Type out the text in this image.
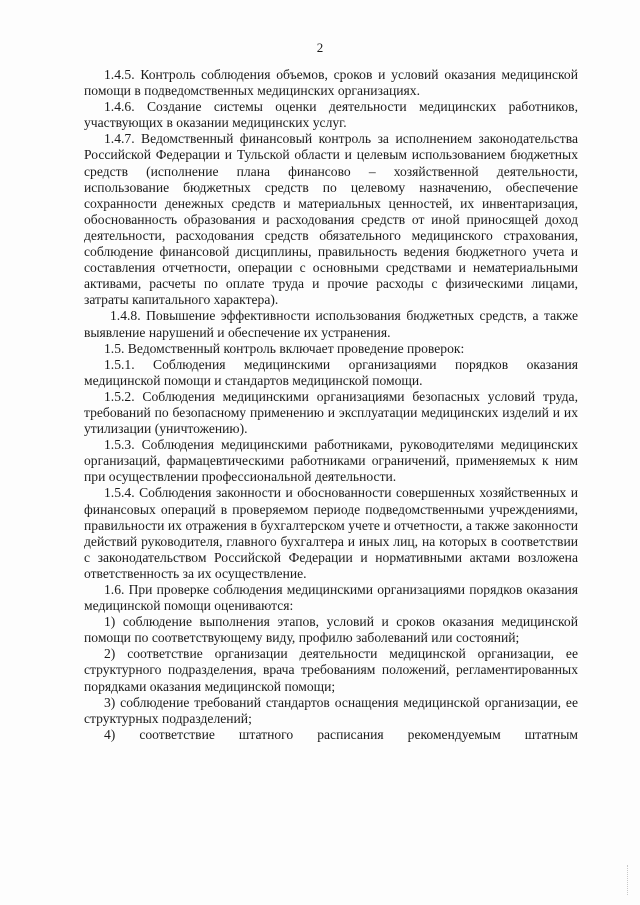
2

1.4.5. Контроль соблюдения объемов, сроков и условий оказания медицинской помощи в подведомственных медицинских организациях.

1.4.6. Создание системы оценки деятельности медицинских работников, участвующих в оказании медицинских услуг.

1.4.7. Ведомственный финансовый контроль за исполнением законодательства Российской Федерации и Тульской области и целевым использованием бюджетных средств (исполнение плана финансово – хозяйственной деятельности, использование бюджетных средств по целевому назначению, обеспечение сохранности денежных средств и материальных ценностей, их инвентаризация, обоснованность образования и расходования средств от иной приносящей доход деятельности, расходования средств обязательного медицинского страхования, соблюдение финансовой дисциплины, правильность ведения бюджетного учета и составления отчетности, операции с основными средствами и нематериальными активами, расчеты по оплате труда и прочие расходы с физическими лицами, затраты капитального характера).

1.4.8. Повышение эффективности использования бюджетных средств, а также выявление нарушений и обеспечение их устранения.

1.5. Ведомственный контроль включает проведение проверок:

1.5.1. Соблюдения медицинскими организациями порядков оказания медицинской помощи и стандартов медицинской помощи.

1.5.2. Соблюдения медицинскими организациями безопасных условий труда, требований по безопасному применению и эксплуатации медицинских изделий и их утилизации (уничтожению).

1.5.3. Соблюдения медицинскими работниками, руководителями медицинских организаций, фармацевтическими работниками ограничений, применяемых к ним при осуществлении профессиональной деятельности.

1.5.4. Соблюдения законности и обоснованности совершенных хозяйственных и финансовых операций в проверяемом периоде подведомственными учреждениями, правильности их отражения в бухгалтерском учете и отчетности, а также законности действий руководителя, главного бухгалтера и иных лиц, на которых в соответствии с законодательством Российской Федерации и нормативными актами возложена ответственность за их осуществление.

1.6. При проверке соблюдения медицинскими организациями порядков оказания медицинской помощи оцениваются:

1) соблюдение выполнения этапов, условий и сроков оказания медицинской помощи по соответствующему виду, профилю заболеваний или состояний;

2) соответствие организации деятельности медицинской организации, ее структурного подразделения, врача требованиям положений, регламентированных порядками оказания медицинской помощи;

3) соблюдение требований стандартов оснащения медицинской организации, ее структурных подразделений;

4) соответствие штатного расписания рекомендуемым штатным
